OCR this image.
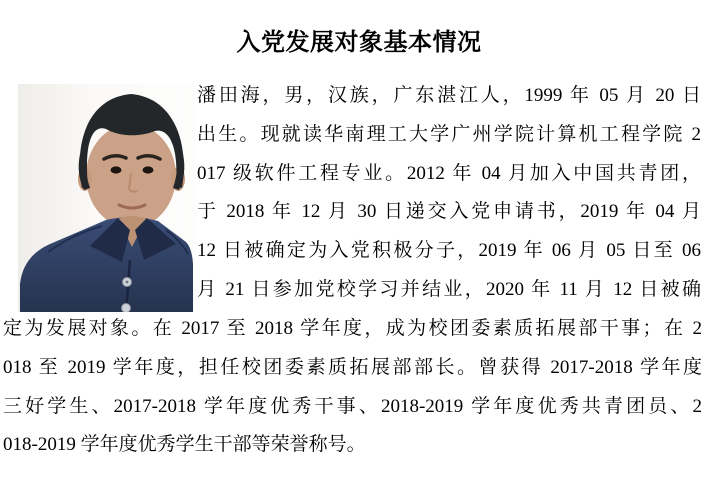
入党发展对象基本情况
潘田海，男，汉族，广东湛江人，1999 年 05 月 20 日
出生。现就读华南理工大学广州学院计算机工程学院 2
017 级软件工程专业。2012 年 04 月加入中国共青团，
于 2018 年 12 月 30 日递交入党申请书，2019 年 04 月
12 日被确定为入党积极分子，2019 年 06 月 05 日至 06
月 21 日参加党校学习并结业，2020 年 11 月 12 日被确
定为发展对象。在 2017 至 2018 学年度，成为校团委素质拓展部干事；在 2
018 至 2019 学年度，担任校团委素质拓展部部长。曾获得 2017-2018 学年度
三好学生、2017-2018 学年度优秀干事、2018-2019 学年度优秀共青团员、2
018-2019 学年度优秀学生干部等荣誉称号。
